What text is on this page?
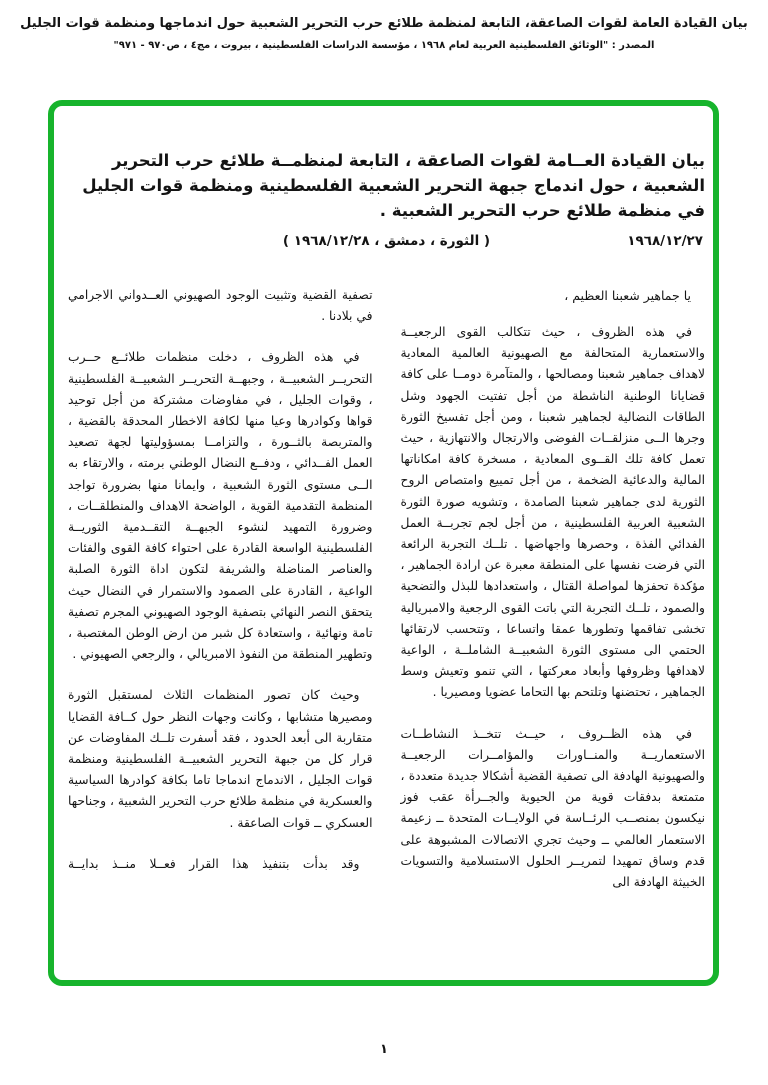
بيان القيادة العامة لقوات الصاعقة، التابعة لمنظمة طلائع حرب التحرير الشعبية حول اندماجها ومنظمة قوات الجليل
المصدر : "الوثائق الفلسطينية العربية لعام ١٩٦٨ ، مؤسسة الدراسات الفلسطينية ، بيروت ، مج٤ ، ص٩٧٠ - ٩٧١"
بيان القيادة العــامة لقوات الصاعقة ، التابعة لمنظمــة طلائع حرب التحرير
الشعبية ، حول اندماج جبهة التحرير الشعبية الفلسطينية ومنظمة قوات الجليل
في منظمة طلائع حرب التحرير الشعبية .
١٩٦٨/١٢/٢٧
( الثورة ، دمشق ، ١٩٦٨/١٢/٢٨ )
يا جماهير شعبنا العظيم ،

في هذه الظروف ، حيث تتكالب القوى الرجعيــة والاستعمارية المتحالفة مع الصهيونية العالمية المعادية لاهداف جماهير شعبنا ومصالحها ، والمتآمرة دومــا على كافة قضايانا الوطنية الناشطة من أجل تفتيت الجهود وشل الطاقات النضالية لجماهير شعبنا ، ومن أجل تفسيخ الثورة وجرها الــى منزلقــات الفوضى والارتجال والانتهازية ، حيث تعمل كافة تلك القــوى المعادية ، مسخرة كافة امكاناتها المالية والدعائية الضخمة ، من أجل تمييع وامتصاص الروح الثورية لدى جماهير شعبنا الصامدة ، وتشويه صورة الثورة الشعبية العربية الفلسطينية ، من أجل لجم تجربــة العمل الفدائي الفذة ، وحصرها واجهاضها . تلــك التجربة الرائعة التي فرضت نفسها على المنطقة معبرة عن ارادة الجماهير ، مؤكدة تحفزها لمواصلة القتال ، واستعدادها للبذل والتضحية والصمود ، تلــك التجربة التي باتت القوى الرجعية والامبريالية تخشى تفاقمها وتطورها عمقا واتساعا ، وتتحسب لارتقائها الحتمي الى مستوى الثورة الشعبيــة الشاملــة ، الواعية لاهدافها وظروفها وأبعاد معركتها ، التي تنمو وتعيش وسط الجماهير ، تحتضنها وتلتحم بها التحاما عضويا ومصيريا .

في هذه الظــروف ، حيــث تتخــذ النشاطــات الاستعماريــة والمنــاورات والمؤامــرات الرجعيــة والصهيونية الهادفة الى تصفية القضية أشكالا جديدة متعددة ، متمتعة بدفقات قوية من الحيوية والجــرأة عقب فوز نيكسون بمنصــب الرئــاسة في الولايــات المتحدة ــ زعيمة الاستعمار العالمي ــ وحيث تجري الاتصالات المشبوهة على قدم وساق تمهيدا لتمريــر الحلول الاستسلامية والتسويات الخبيثة الهادفة الى

تصفية القضية وتثبيت الوجود الصهيوني العــدواني الاجرامي في بلادنا .

في هذه الظروف ، دخلت منظمات طلائــع حــرب التحريــر الشعبيــة ، وجبهــة التحريــر الشعبيــة الفلسطينية ، وقوات الجليل ، في مفاوضات مشتركة من أجل توحيد قواها وكوادرها وعيا منها لكافة الاخطار المحدقة بالقضية ، والمتربصة بالثــورة ، والتزامــا بمسؤوليتها لجهة تصعيد العمل الفــدائي ، ودفــع النضال الوطني برمته ، والارتقاء به الــى مستوى الثورة الشعبية ، وايمانا منها بضرورة تواجد المنظمة التقدمية القوية ، الواضحة الاهداف والمنطلقــات ، وضرورة التمهيد لنشوء الجبهــة التقــدمية الثوريــة الفلسطينية الواسعة القادرة على احتواء كافة القوى والفئات والعناصر المناضلة والشريفة لتكون اداة الثورة الصلبة الواعية ، القادرة على الصمود والاستمرار في النضال حيث يتحقق النصر النهائي بتصفية الوجود الصهيوني المجرم تصفية تامة ونهائية ، واستعادة كل شبر من ارض الوطن المغتصبة ، وتطهير المنطقة من النفوذ الامبريالي ، والرجعي الصهيوني .

وحيث كان تصور المنظمات الثلاث لمستقبل الثورة ومصيرها متشابها ، وكانت وجهات النظر حول كــافة القضايا متقاربة الى أبعد الحدود ، فقد أسفرت تلــك المفاوضات عن قرار كل من جبهة التحرير الشعبيــة الفلسطينية ومنظمة قوات الجليل ، الاندماج اندماجا تاما بكافة كوادرها السياسية والعسكرية في منظمة طلائع حرب التحرير الشعبية ، وجناحها العسكري ــ قوات الصاعقة .

وقد بدأت بتنفيذ هذا القرار فعــلا منــذ بدايــة

١
